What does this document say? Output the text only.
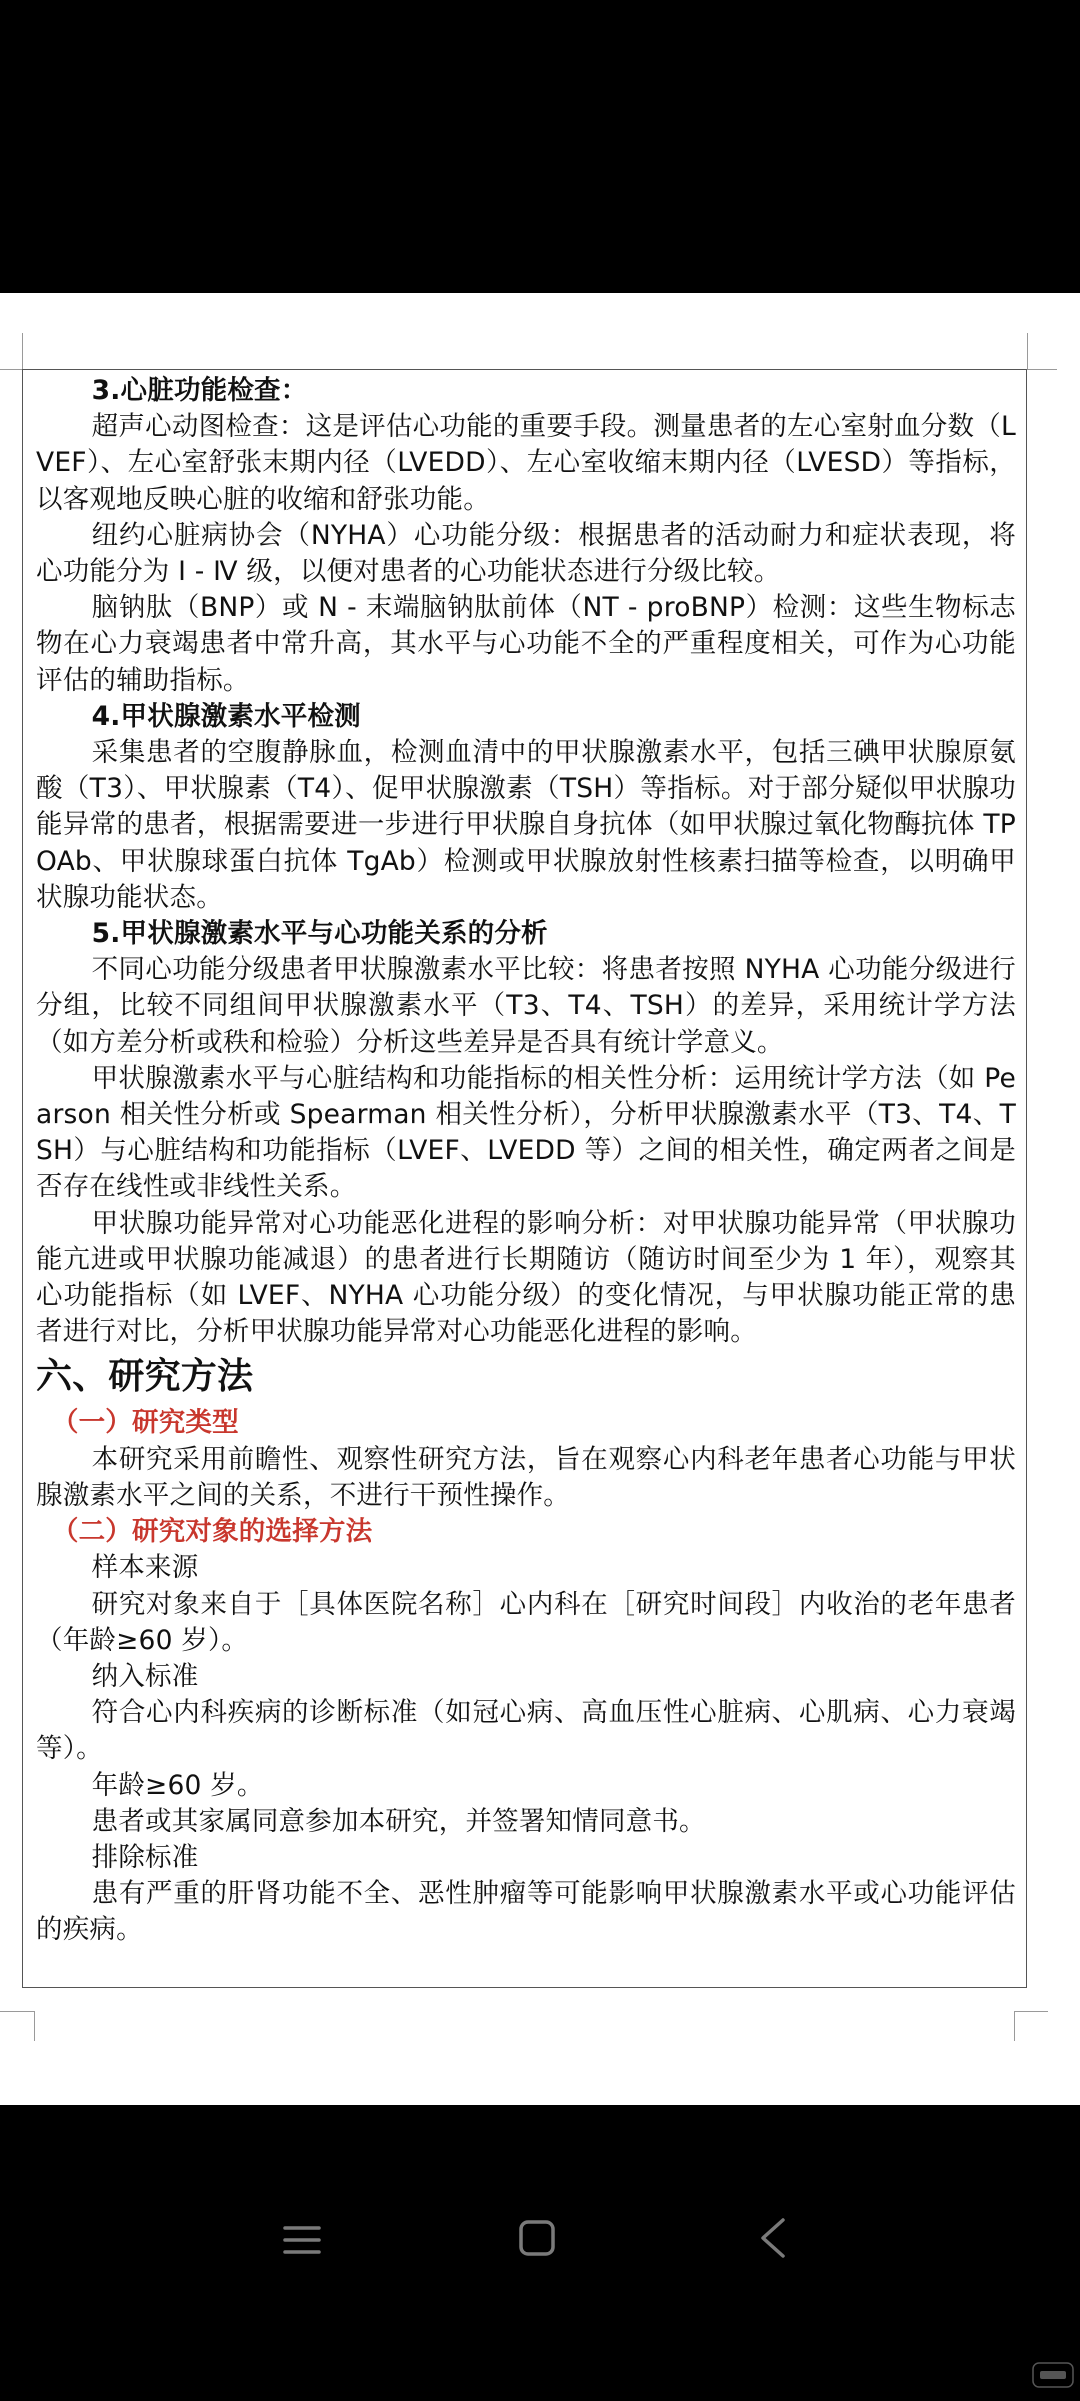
3.心脏功能检查：

超声心动图检查：这是评估心功能的重要手段。测量患者的左心室射血分数（LVEF）、左心室舒张末期内径（LVEDD）、左心室收缩末期内径（LVESD）等指标，以客观地反映心脏的收缩和舒张功能。

纽约心脏病协会（NYHA）心功能分级：根据患者的活动耐力和症状表现，将心功能分为 Ⅰ - Ⅳ 级，以便对患者的心功能状态进行分级比较。

脑钠肽（BNP）或 N - 末端脑钠肽前体（NT - proBNP）检测：这些生物标志物在心力衰竭患者中常升高，其水平与心功能不全的严重程度相关，可作为心功能评估的辅助指标。

4.甲状腺激素水平检测

采集患者的空腹静脉血，检测血清中的甲状腺激素水平，包括三碘甲状腺原氨酸（T3）、甲状腺素（T4）、促甲状腺激素（TSH）等指标。对于部分疑似甲状腺功能异常的患者，根据需要进一步进行甲状腺自身抗体（如甲状腺过氧化物酶抗体 TPOAb、甲状腺球蛋白抗体 TgAb）检测或甲状腺放射性核素扫描等检查，以明确甲状腺功能状态。

5.甲状腺激素水平与心功能关系的分析

不同心功能分级患者甲状腺激素水平比较：将患者按照 NYHA 心功能分级进行分组，比较不同组间甲状腺激素水平（T3、T4、TSH）的差异，采用统计学方法（如方差分析或秩和检验）分析这些差异是否具有统计学意义。

甲状腺激素水平与心脏结构和功能指标的相关性分析：运用统计学方法（如 Pearson 相关性分析或 Spearman 相关性分析），分析甲状腺激素水平（T3、T4、TSH）与心脏结构和功能指标（LVEF、LVEDD 等）之间的相关性，确定两者之间是否存在线性或非线性关系。

甲状腺功能异常对心功能恶化进程的影响分析：对甲状腺功能异常（甲状腺功能亢进或甲状腺功能减退）的患者进行长期随访（随访时间至少为 1 年），观察其心功能指标（如 LVEF、NYHA 心功能分级）的变化情况，与甲状腺功能正常的患者进行对比，分析甲状腺功能异常对心功能恶化进程的影响。

六、研究方法

（一）研究类型

本研究采用前瞻性、观察性研究方法，旨在观察心内科老年患者心功能与甲状腺激素水平之间的关系，不进行干预性操作。

（二）研究对象的选择方法

样本来源

研究对象来自于［具体医院名称］心内科在［研究时间段］内收治的老年患者（年龄≥60 岁）。

纳入标准

符合心内科疾病的诊断标准（如冠心病、高血压性心脏病、心肌病、心力衰竭等）。

年龄≥60 岁。

患者或其家属同意参加本研究，并签署知情同意书。

排除标准

患有严重的肝肾功能不全、恶性肿瘤等可能影响甲状腺激素水平或心功能评估的疾病。
